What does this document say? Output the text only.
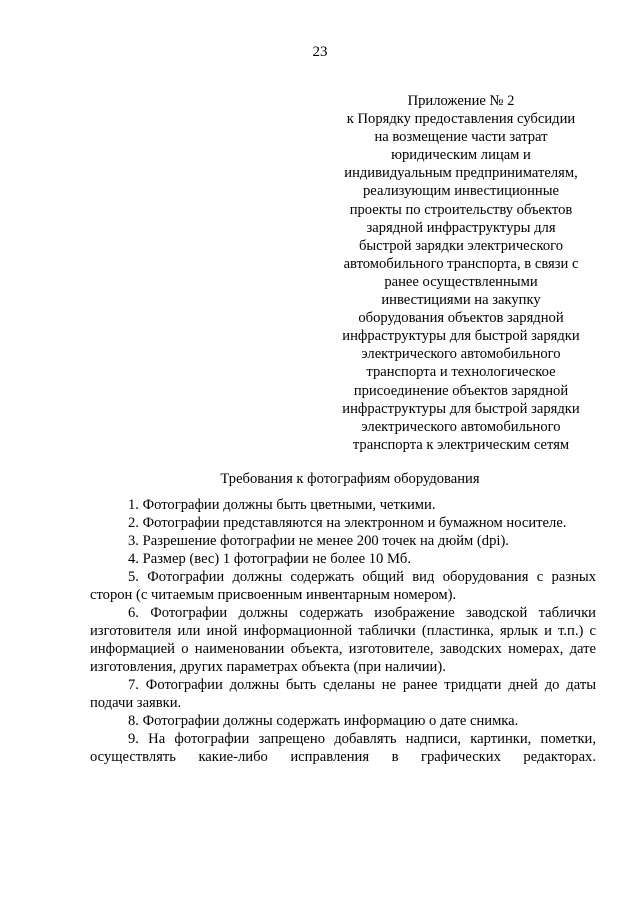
23
Приложение № 2
к Порядку предоставления субсидии
на возмещение части затрат
юридическим лицам и
индивидуальным предпринимателям,
реализующим инвестиционные
проекты по строительству объектов
зарядной инфраструктуры для
быстрой зарядки электрического
автомобильного транспорта, в связи с
ранее осуществленными
инвестициями на закупку
оборудования объектов зарядной
инфраструктуры для быстрой зарядки
электрического автомобильного
транспорта и технологическое
присоединение объектов зарядной
инфраструктуры для быстрой зарядки
электрического автомобильного
транспорта к электрическим сетям
Требования к фотографиям оборудования

1. Фотографии должны быть цветными, четкими.

2. Фотографии представляются на электронном и бумажном носителе.

3. Разрешение фотографии не менее 200 точек на дюйм (dpi).

4. Размер (вес) 1 фотографии не более 10 Мб.

5. Фотографии должны содержать общий вид оборудования с разных сторон (с читаемым присвоенным инвентарным номером).

6. Фотографии должны содержать изображение заводской таблички изготовителя или иной информационной таблички (пластинка, ярлык и т.п.) с информацией о наименовании объекта, изготовителе, заводских номерах, дате изготовления, других параметрах объекта (при наличии).

7. Фотографии должны быть сделаны не ранее тридцати дней до даты подачи заявки.

8. Фотографии должны содержать информацию о дате снимка.

9. На фотографии запрещено добавлять надписи, картинки, пометки, осуществлять какие-либо исправления в графических редакторах.
